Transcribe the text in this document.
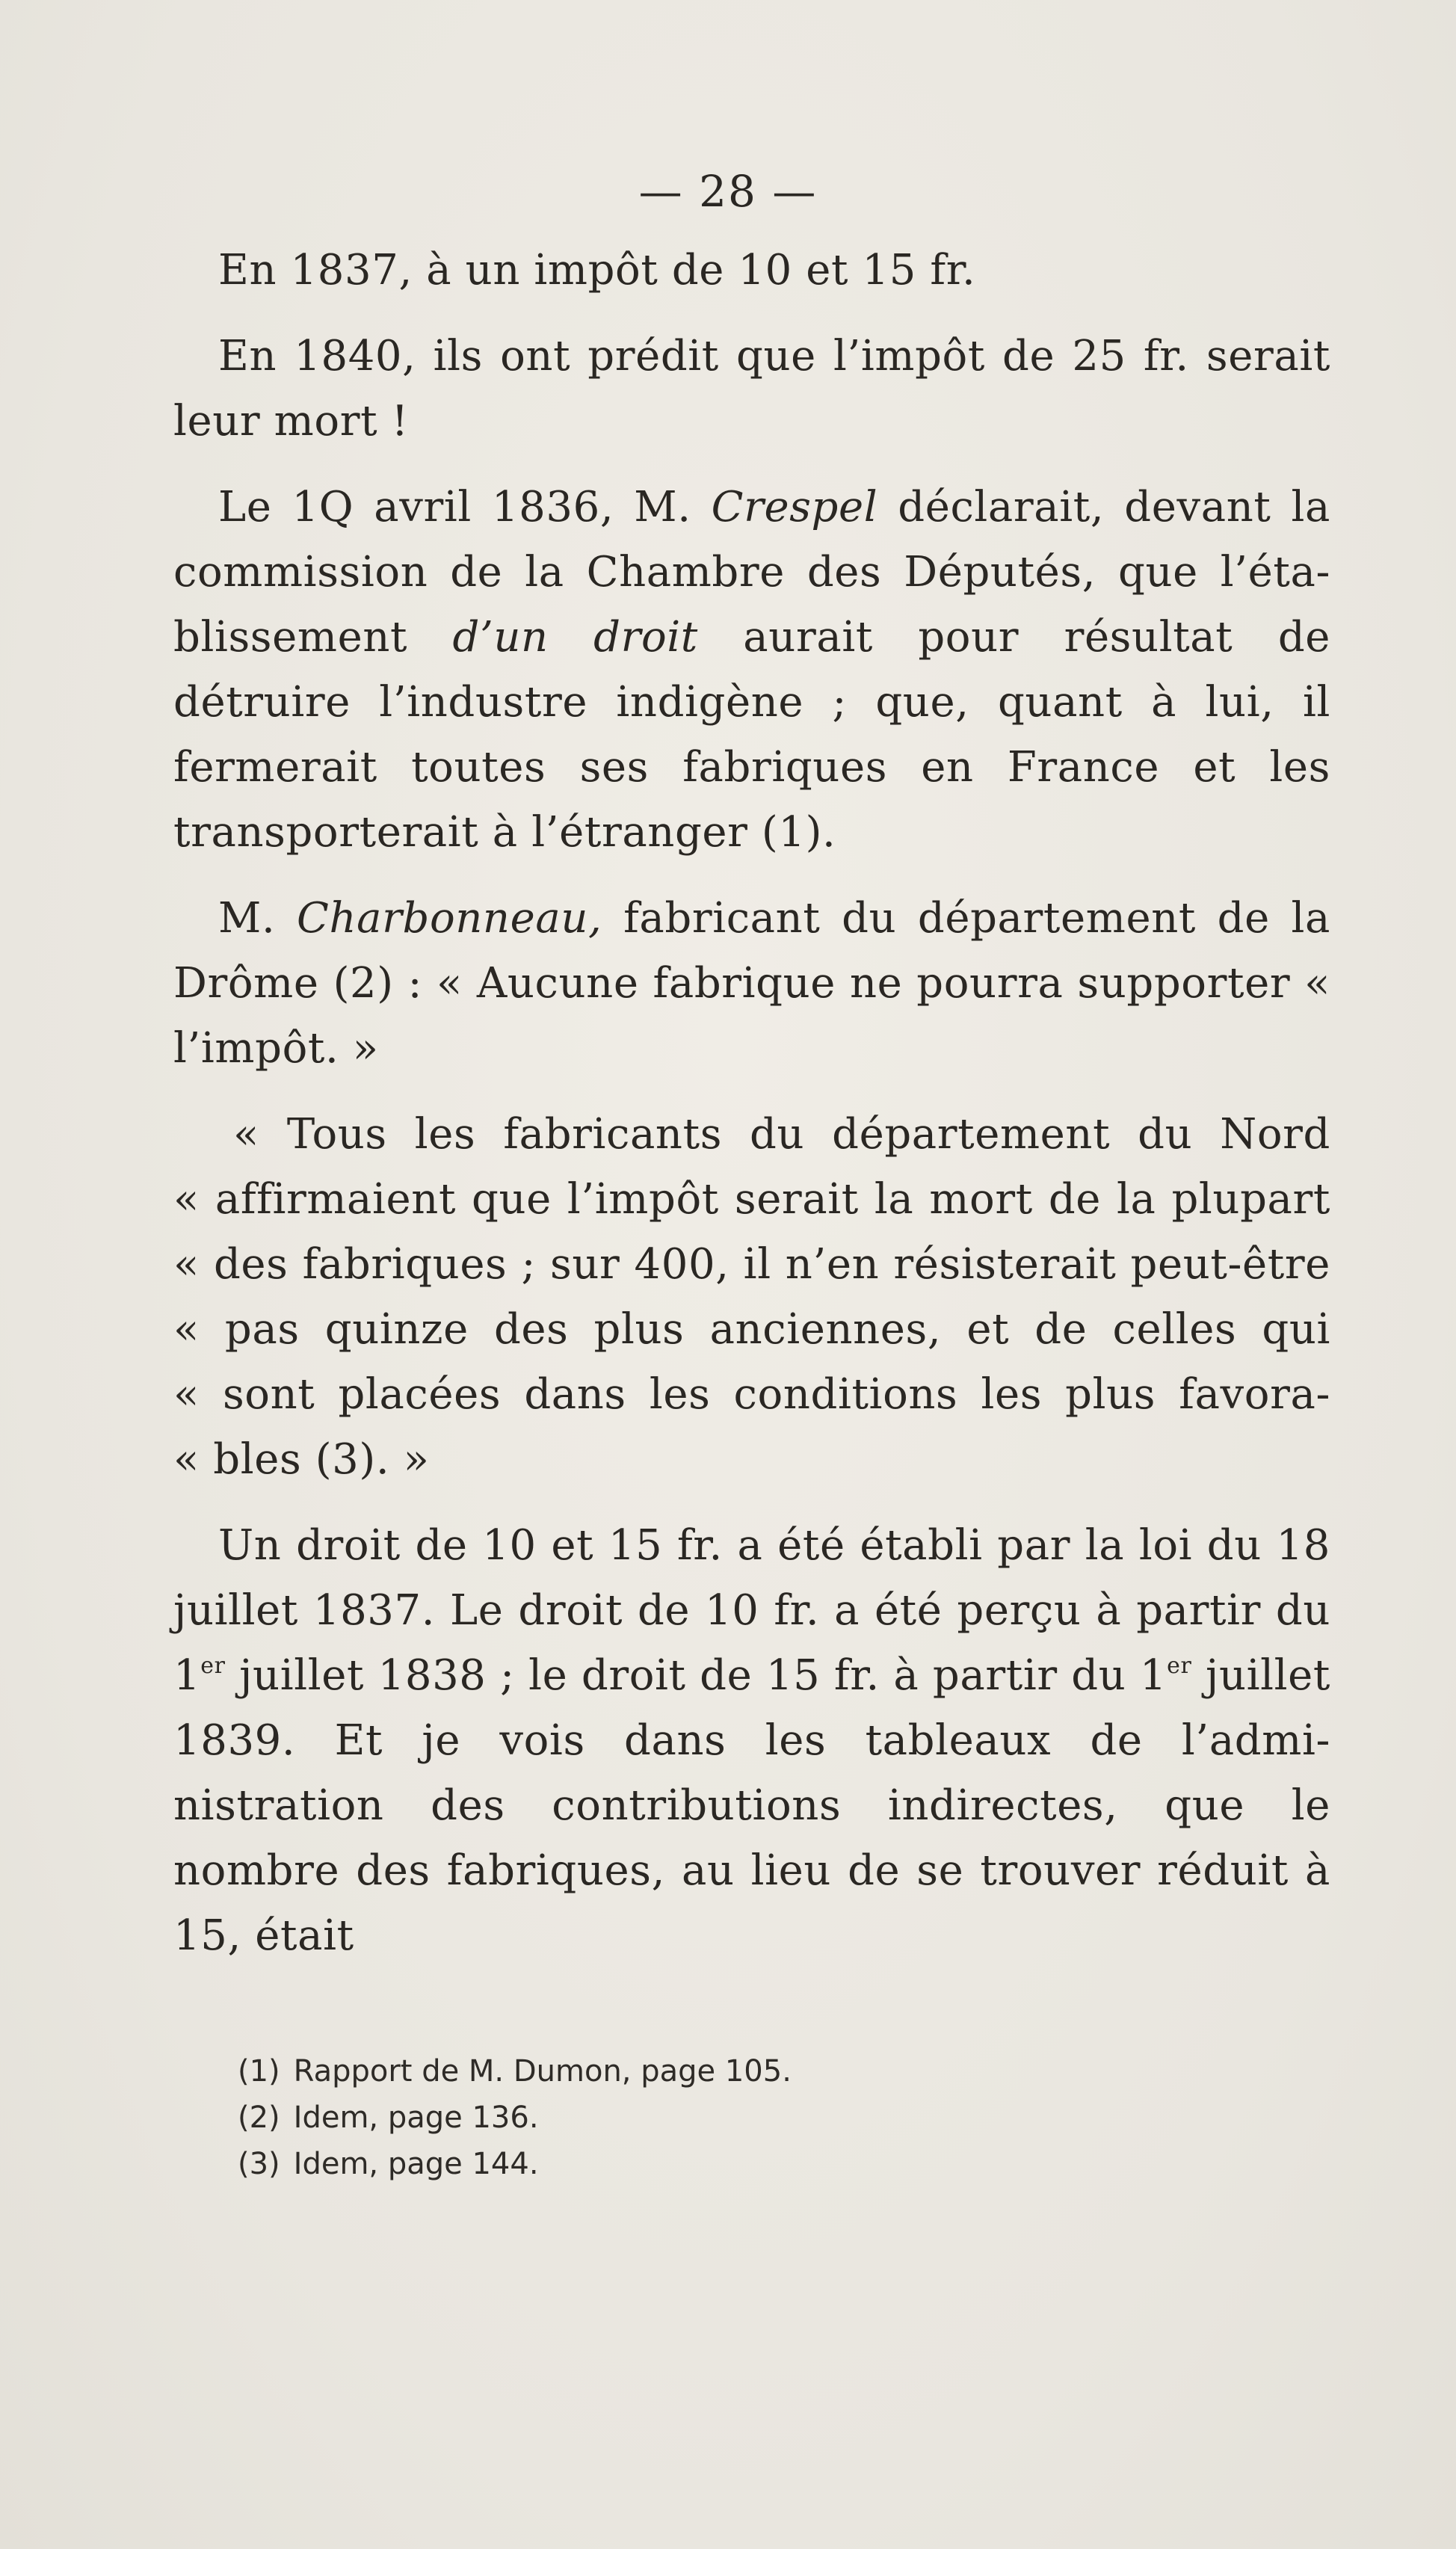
— 28 —

En 1837, à un impôt de 10 et 15 fr.

En 1840, ils ont prédit que l’impôt de 25 fr. serait leur mort !

Le 1Q avril 1836, M. Crespel déclarait, devant la commission de la Chambre des Députés, que l’éta-blissement d’un droit aurait pour résultat de détruire l’industre indigène ; que, quant à lui, il fermerait toutes ses fabriques en France et les transporterait à l’étranger (1).

M. Charbonneau, fabricant du département de la Drôme (2) : « Aucune fabrique ne pourra supporter « l’impôt. »

« Tous les fabricants du département du Nord
« affirmaient que l’impôt serait la mort de la plupart
« des fabriques ; sur 400, il n’en résisterait peut-être
« pas quinze des plus anciennes, et de celles qui
« sont placées dans les conditions les plus favora-
« bles (3). »

Un droit de 10 et 15 fr. a été établi par la loi du 18 juillet 1837. Le droit de 10 fr. a été perçu à partir du 1er juillet 1838 ; le droit de 15 fr. à partir du 1er juillet 1839. Et je vois dans les tableaux de l’admi-nistration des contributions indirectes, que le nombre des fabriques, au lieu de se trouver réduit à 15, était

(1) Rapport de M. Dumon, page 105.
(2) Idem, page 136.
(3) Idem, page 144.
